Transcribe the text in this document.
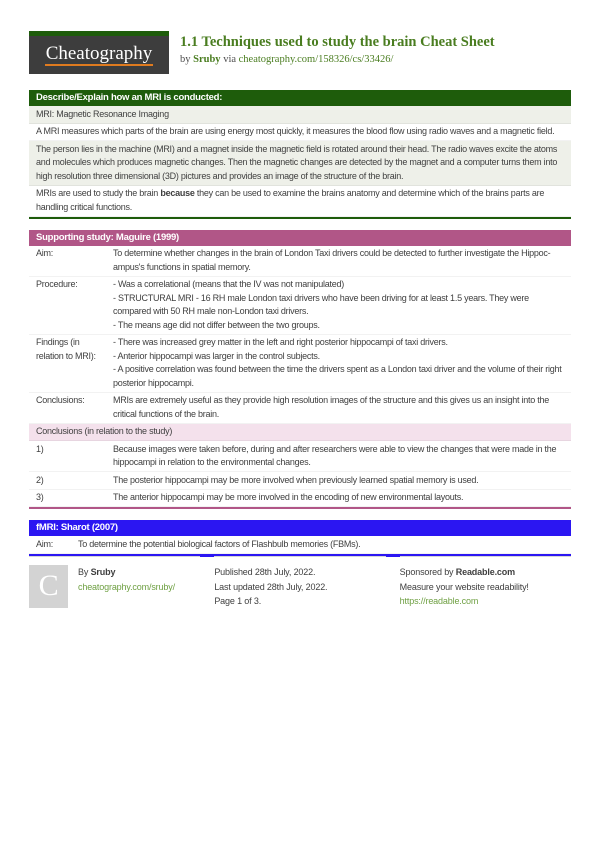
Cheatography
1.1 Techniques used to study the brain Cheat Sheet
by Sruby via cheatography.com/158326/cs/33426/
Describe/Explain how an MRI is conducted:
MRI: Magnetic Resonance Imaging
A MRI measures which parts of the brain are using energy most quickly, it measures the blood flow using radio waves and a magnetic field.
The person lies in the machine (MRI) and a magnet inside the magnetic field is rotated around their head. The radio waves excite the atoms and molecules which produces magnetic changes. Then the magnetic changes are detected by the magnet and a computer turns them into high resolution three dimensional (3D) pictures and provides an image of the structure of the brain.
MRIs are used to study the brain because they can be used to examine the brains anatomy and determine which of the brains parts are handling critical functions.
Supporting study: Maguire (1999)
Aim:	To determine whether changes in the brain of London Taxi drivers could be detected to further investigate the Hippocampus's functions in spatial memory.
Procedure:	- Was a correlational (means that the IV was not manipulated)
- STRUCTURAL MRI - 16 RH male London taxi drivers who have been driving for at least 1.5 years. They were compared with 50 RH male non-London taxi drivers.
- The means age did not differ between the two groups.
Findings (in relation to MRI):
- There was increased grey matter in the left and right posterior hippocampi of taxi drivers.
- Anterior hippocampi was larger in the control subjects.
- A positive correlation was found between the time the drivers spent as a London taxi driver and the volume of their right posterior hippocampi.
Conclusions:	MRIs are extremely useful as they provide high resolution images of the structure and this gives us an insight into the critical functions of the brain.
Conclusions (in relation to the study)
1)	Because images were taken before, during and after researchers were able to view the changes that were made in the hippocampi in relation to the environmental changes.
2)	The posterior hippocampi may be more involved when previously learned spatial memory is used.
3)	The anterior hippocampi may be more involved in the encoding of new environmental layouts.
fMRI: Sharot (2007)
Aim:	To determine the potential biological factors of Flashbulb memories (FBMs).
C	By Sruby
cheatography.com/sruby/
Published 28th July, 2022.
Last updated 28th July, 2022.
Page 1 of 3.
Sponsored by Readable.com
Measure your website readability!
https://readable.com
